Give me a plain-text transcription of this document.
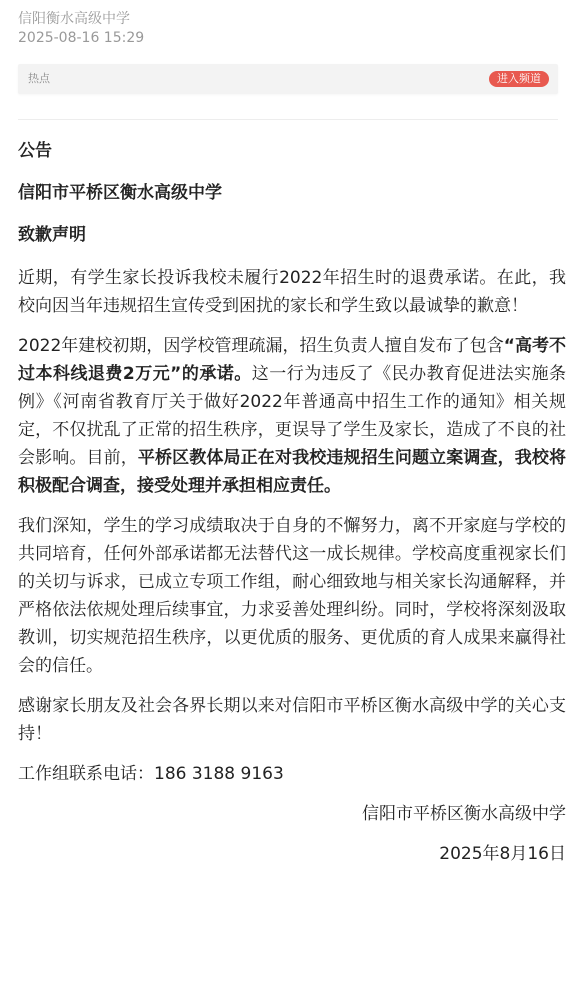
信阳衡水高级中学
2025-08-16 15:29
热点	进入频道
公告
信阳市平桥区衡水高级中学
致歉声明

近期，有学生家长投诉我校未履行2022年招生时的退费承诺。在此，我校向因当年违规招生宣传受到困扰的家长和学生致以最诚挚的歉意！

2022年建校初期，因学校管理疏漏，招生负责人擅自发布了包含“高考不过本科线退费2万元”的承诺。这一行为违反了《民办教育促进法实施条例》《河南省教育厅关于做好2022年普通高中招生工作的通知》相关规定，不仅扰乱了正常的招生秩序，更误导了学生及家长，造成了不良的社会影响。目前，平桥区教体局正在对我校违规招生问题立案调查，我校将积极配合调查，接受处理并承担相应责任。

我们深知，学生的学习成绩取决于自身的不懈努力，离不开家庭与学校的共同培育，任何外部承诺都无法替代这一成长规律。学校高度重视家长们的关切与诉求，已成立专项工作组，耐心细致地与相关家长沟通解释，并严格依法依规处理后续事宜，力求妥善处理纠纷。同时，学校将深刻汲取教训，切实规范招生秩序，以更优质的服务、更优质的育人成果来赢得社会的信任。

感谢家长朋友及社会各界长期以来对信阳市平桥区衡水高级中学的关心支持！

工作组联系电话：186 3188 9163

信阳市平桥区衡水高级中学

2025年8月16日
